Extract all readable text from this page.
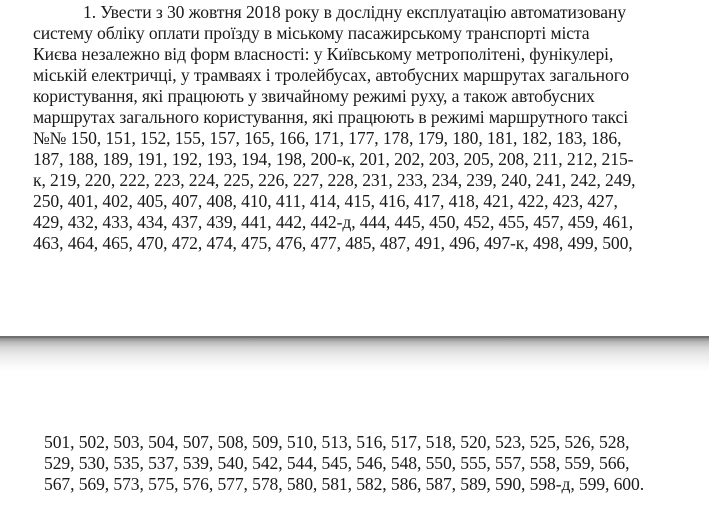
1. Увести з 30 жовтня 2018 року в дослідну експлуатацію автоматизовану
систему обліку оплати проїзду в міському пасажирському транспорті міста
Києва незалежно від форм власності: у Київському метрополітені, фунікулері,
міській електричці, у трамваях і тролейбусах, автобусних маршрутах загального
користування, які працюють у звичайному режимі руху, а також автобусних
маршрутах загального користування, які працюють в режимі маршрутного таксі
№№ 150, 151, 152, 155, 157, 165, 166, 171, 177, 178, 179, 180, 181, 182, 183, 186,
187, 188, 189, 191, 192, 193, 194, 198, 200-к, 201, 202, 203, 205, 208, 211, 212, 215-
к, 219, 220, 222, 223, 224, 225, 226, 227, 228, 231, 233, 234, 239, 240, 241, 242, 249,
250, 401, 402, 405, 407, 408, 410, 411, 414, 415, 416, 417, 418, 421, 422, 423, 427,
429, 432, 433, 434, 437, 439, 441, 442, 442-д, 444, 445, 450, 452, 455, 457, 459, 461,
463, 464, 465, 470, 472, 474, 475, 476, 477, 485, 487, 491, 496, 497-к, 498, 499, 500,
501, 502, 503, 504, 507, 508, 509, 510, 513, 516, 517, 518, 520, 523, 525, 526, 528,
529, 530, 535, 537, 539, 540, 542, 544, 545, 546, 548, 550, 555, 557, 558, 559, 566,
567, 569, 573, 575, 576, 577, 578, 580, 581, 582, 586, 587, 589, 590, 598-д, 599, 600.
